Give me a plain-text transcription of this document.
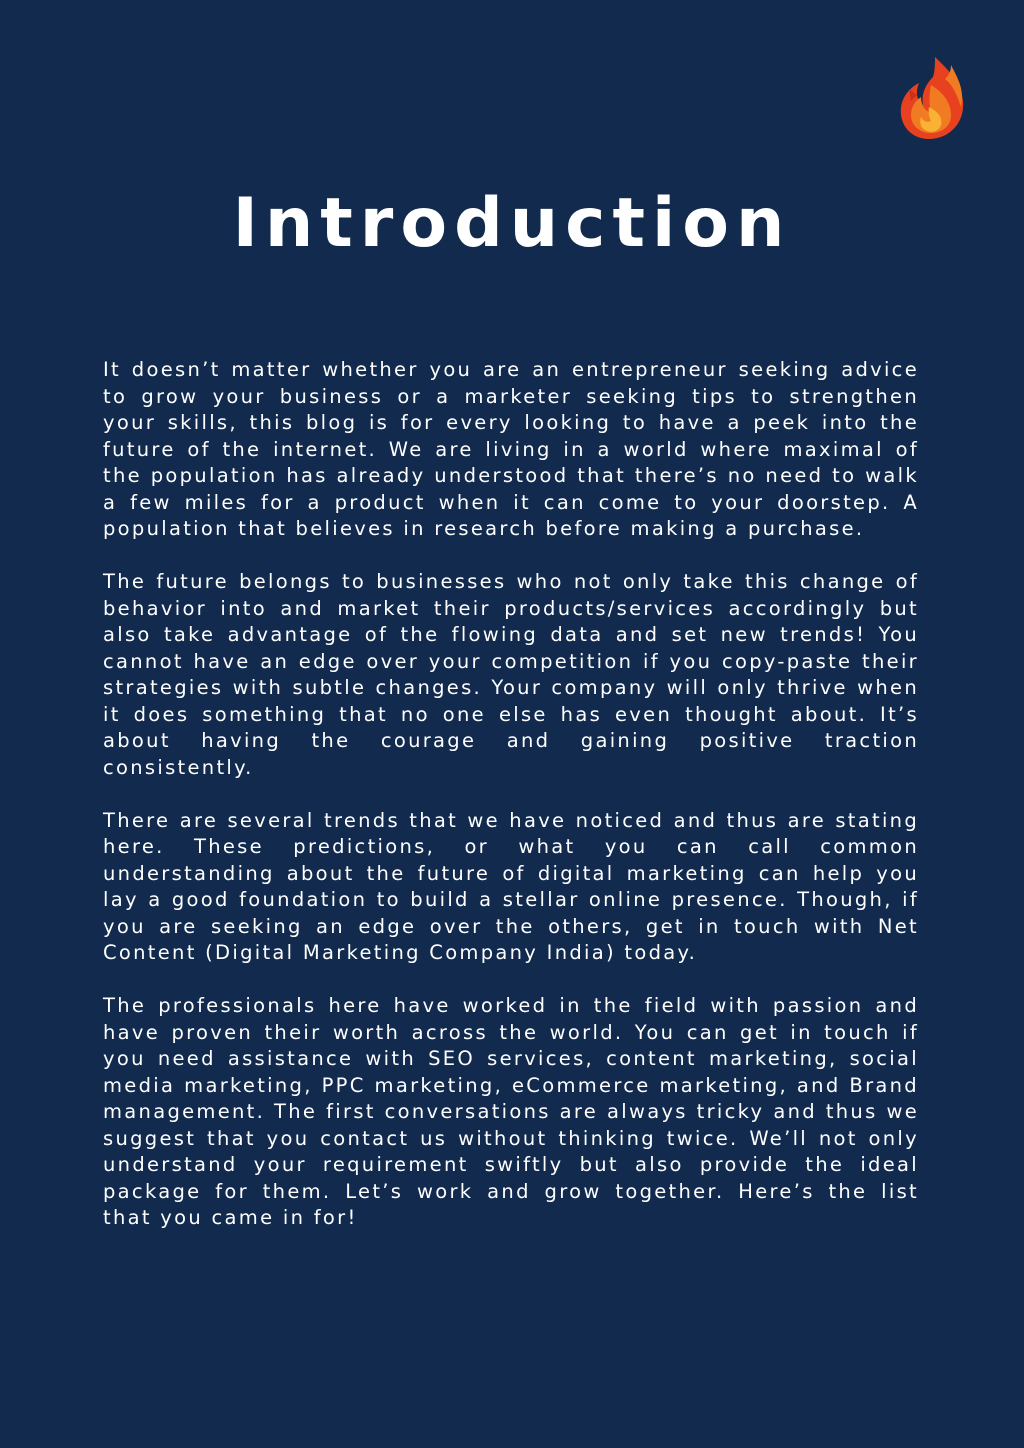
Introduction

It doesn’t matter whether you are an entrepreneur seeking advice to grow your business or a marketer seeking tips to strengthen your skills, this blog is for every looking to have a peek into the future of the internet. We are living in a world where maximal of the population has already understood that there’s no need to walk a few miles for a product when it can come to your doorstep. A population that believes in research before making a purchase.

The future belongs to businesses who not only take this change of behavior into and market their products/services accordingly but also take advantage of the flowing data and set new trends! You cannot have an edge over your competition if you copy-paste their strategies with subtle changes. Your company will only thrive when it does something that no one else has even thought about. It’s about having the courage and gaining positive traction consistently.

There are several trends that we have noticed and thus are stating here. These predictions, or what you can call common understanding about the future of digital marketing can help you lay a good foundation to build a stellar online presence. Though, if you are seeking an edge over the others, get in touch with Net Content (Digital Marketing Company India) today.

The professionals here have worked in the field with passion and have proven their worth across the world. You can get in touch if you need assistance with SEO services, content marketing, social media marketing, PPC marketing, eCommerce marketing, and Brand management. The first conversations are always tricky and thus we suggest that you contact us without thinking twice. We’ll not only understand your requirement swiftly but also provide the ideal package for them. Let’s work and grow together. Here’s the list that you came in for!
